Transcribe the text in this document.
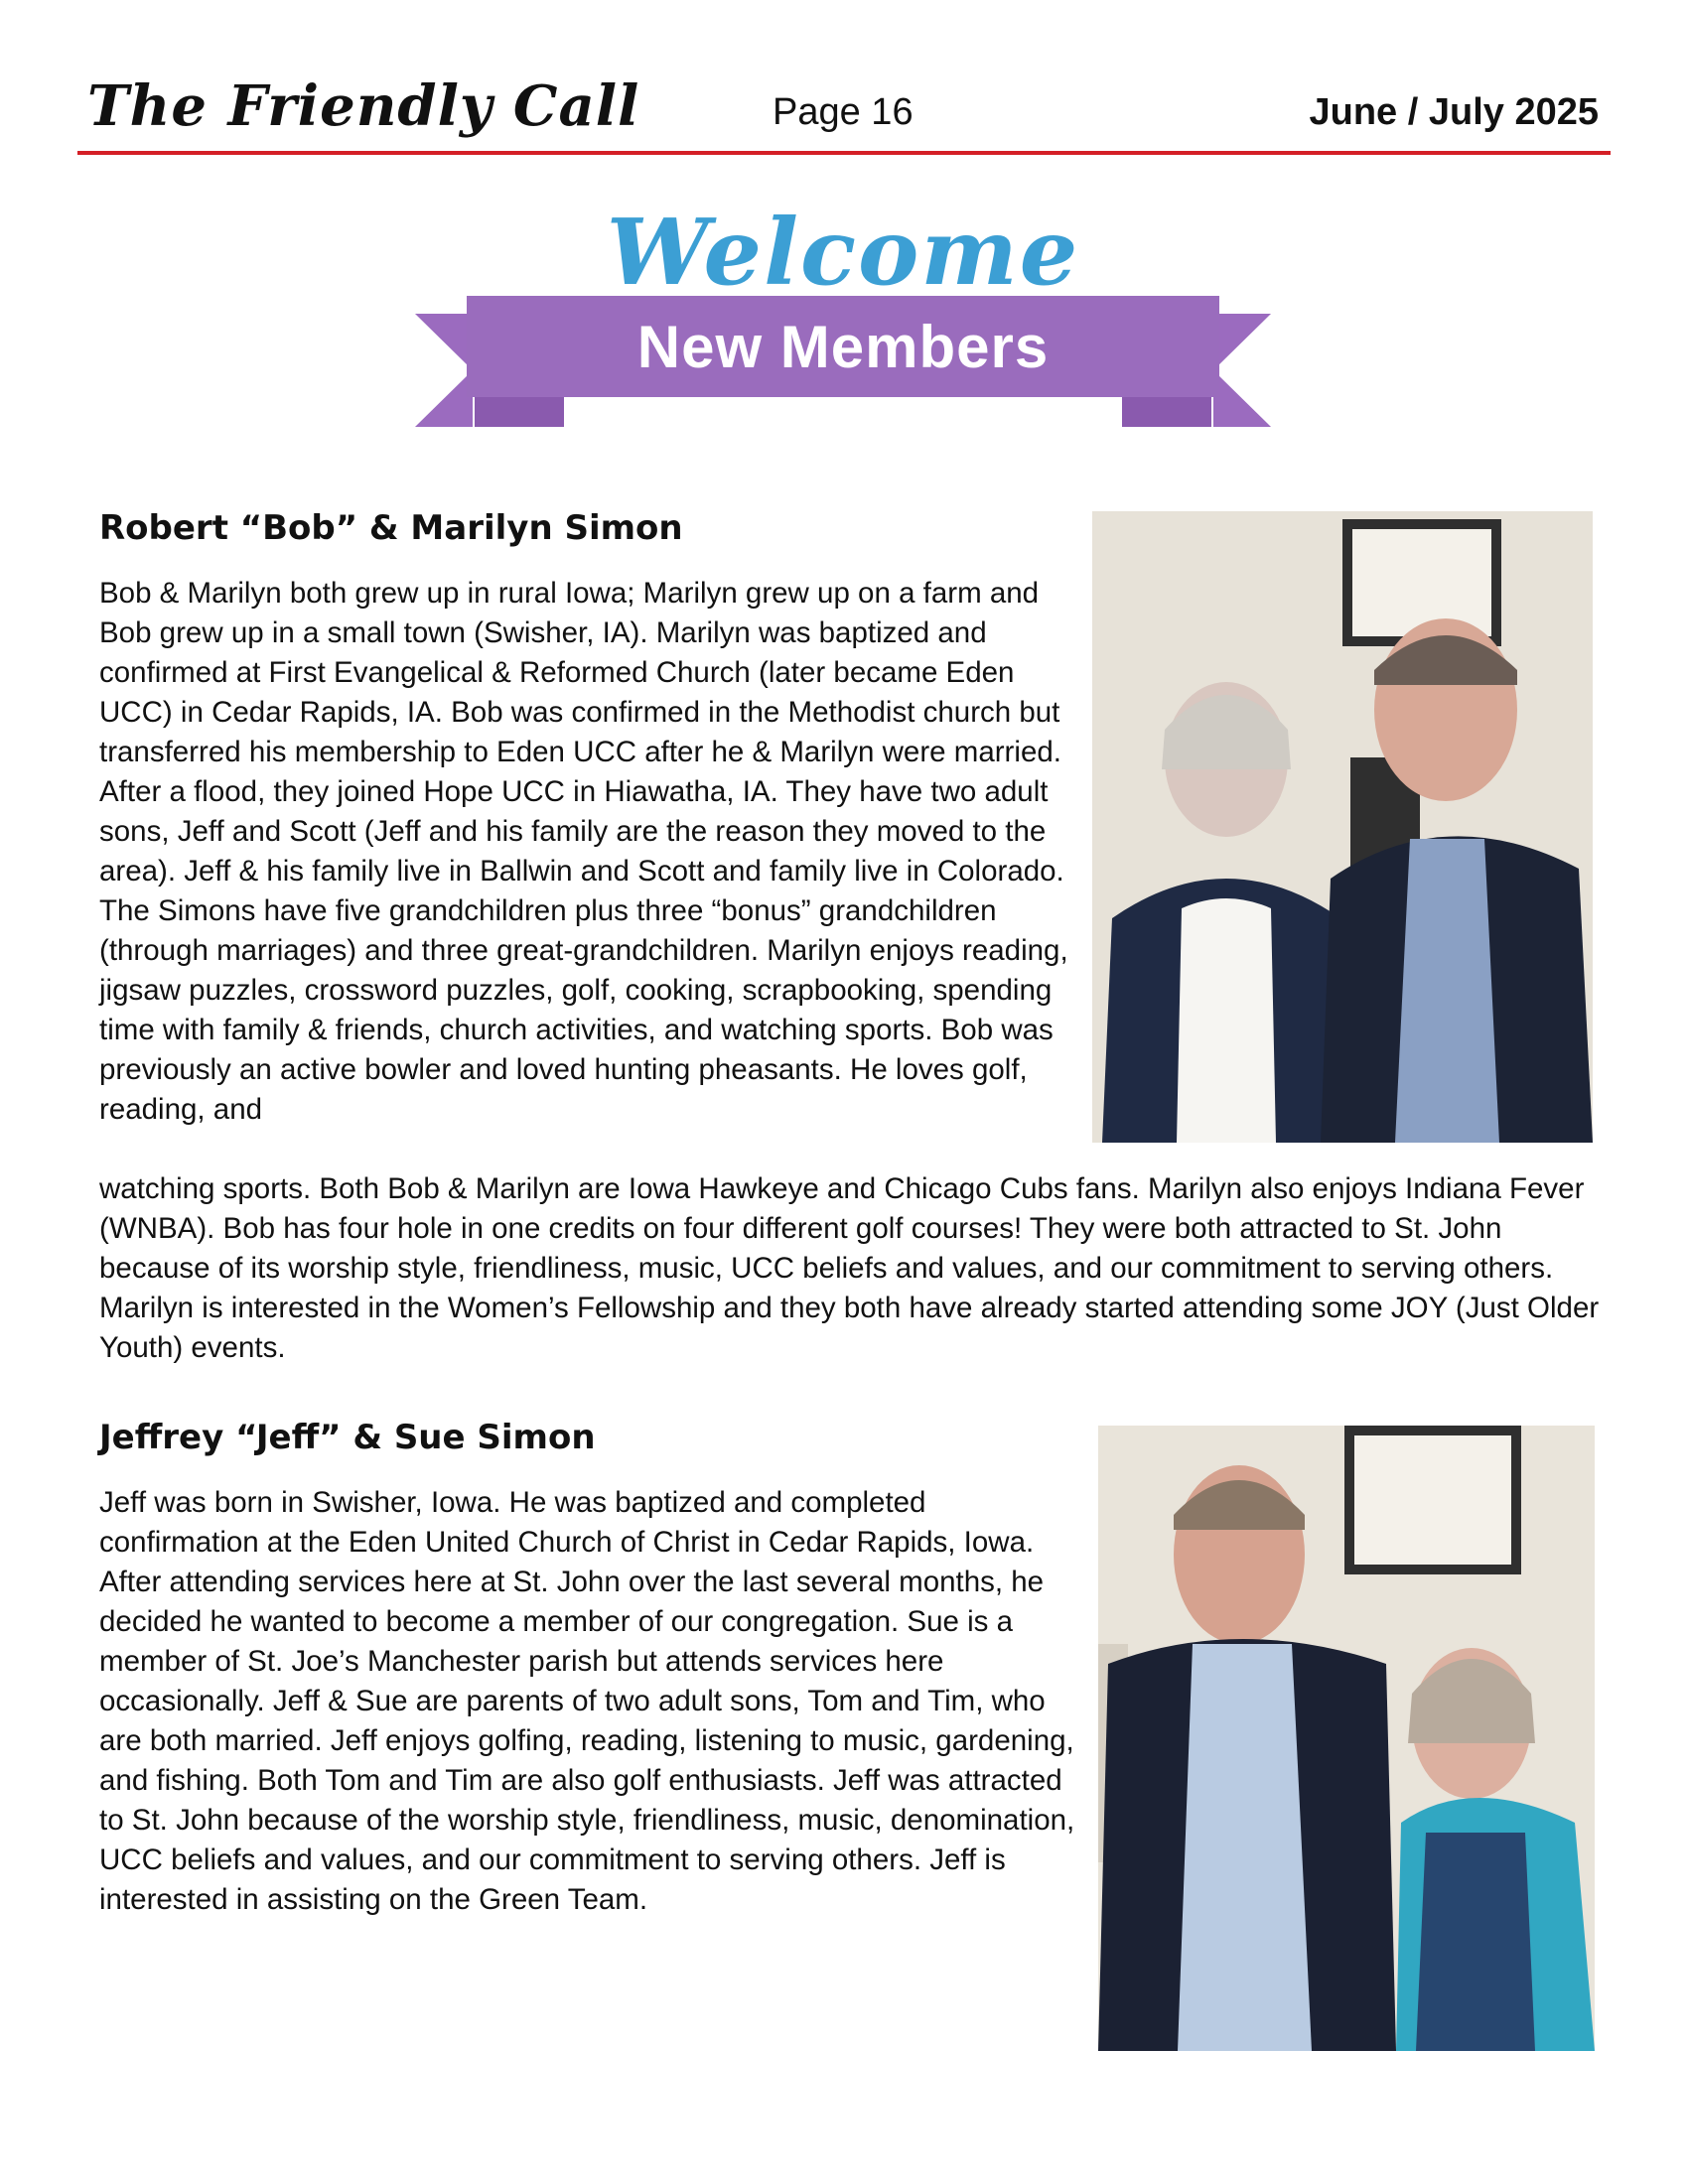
The Friendly Call	Page 16	June / July 2025
New Members
Welcome
Robert “Bob” & Marilyn Simon

Bob & Marilyn both grew up in rural Iowa; Marilyn grew up on a farm and Bob grew up in a small town (Swisher, IA). Marilyn was baptized and confirmed at First Evangelical & Reformed Church (later became Eden UCC) in Cedar Rapids, IA. Bob was confirmed in the Methodist church but transferred his membership to Eden UCC after he & Marilyn were married. After a flood, they joined Hope UCC in Hiawatha, IA. They have two adult sons, Jeff and Scott (Jeff and his family are the reason they moved to the area). Jeff & his family live in Ballwin and Scott and family live in Colorado. The Simons have five grandchildren plus three “bonus” grandchildren (through marriages) and three great-grandchildren. Marilyn enjoys reading, jigsaw puzzles, crossword puzzles, golf, cooking, scrapbooking, spending time with family & friends, church activities, and watching sports. Bob was previously an active bowler and loved hunting pheasants. He loves golf, reading, and

watching sports. Both Bob & Marilyn are Iowa Hawkeye and Chicago Cubs fans. Marilyn also enjoys Indiana Fever (WNBA). Bob has four hole in one credits on four different golf courses! They were both attracted to St. John because of its worship style, friendliness, music, UCC beliefs and values, and our commitment to serving others. Marilyn is interested in the Women’s Fellowship and they both have already started attending some JOY (Just Older Youth) events.

Jeffrey “Jeff” & Sue Simon

Jeff was born in Swisher, Iowa. He was baptized and completed confirmation at the Eden United Church of Christ in Cedar Rapids, Iowa. After attending services here at St. John over the last several months, he decided he wanted to become a member of our congregation. Sue is a member of St. Joe’s Manchester parish but attends services here occasionally. Jeff & Sue are parents of two adult sons, Tom and Tim, who are both married. Jeff enjoys golfing, reading, listening to music, gardening, and fishing. Both Tom and Tim are also golf enthusiasts. Jeff was attracted to St. John because of the worship style, friendliness, music, denomination, UCC beliefs and values, and our commitment to serving others. Jeff is interested in assisting on the Green Team.
